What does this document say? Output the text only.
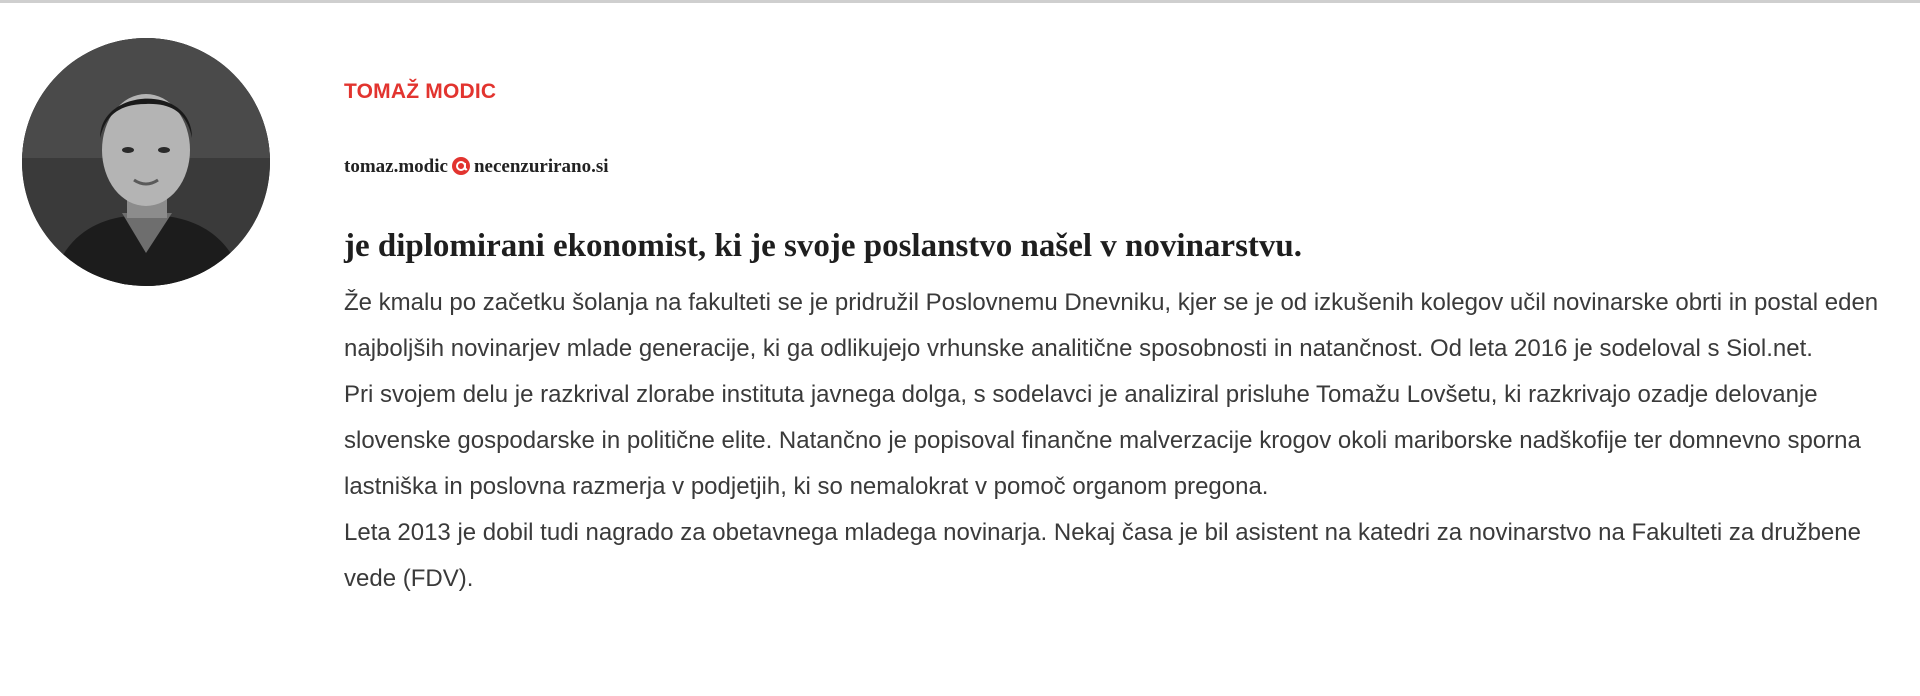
TOMAŽ MODIC
tomaz.modic necenzurirano.si
je diplomirani ekonomist, ki je svoje poslanstvo našel v novinarstvu.

Že kmalu po začetku šolanja na fakulteti se je pridružil Poslovnemu Dnevniku, kjer se je od izkušenih kolegov učil novinarske obrti in postal eden najboljših novinarjev mlade generacije, ki ga odlikujejo vrhunske analitične sposobnosti in natančnost. Od leta 2016 je sodeloval s Siol.net.

Pri svojem delu je razkrival zlorabe instituta javnega dolga, s sodelavci je analiziral prisluhe Tomažu Lovšetu, ki razkrivajo ozadje delovanje slovenske gospodarske in politične elite. Natančno je popisoval finančne malverzacije krogov okoli mariborske nadškofije ter domnevno sporna lastniška in poslovna razmerja v podjetjih, ki so nemalokrat v pomoč organom pregona.

Leta 2013 je dobil tudi nagrado za obetavnega mladega novinarja. Nekaj časa je bil asistent na katedri za novinarstvo na Fakulteti za družbene vede (FDV).
